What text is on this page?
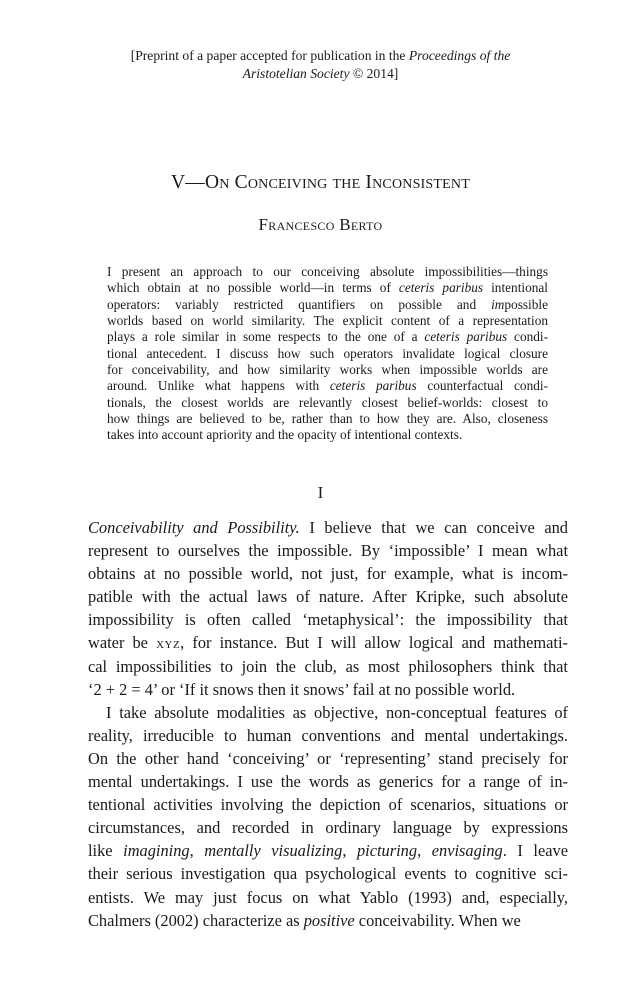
[Preprint of a paper accepted for publication in the Proceedings of the
Aristotelian Society © 2014]
V—On Conceiving the Inconsistent
Francesco Berto
I present an approach to our conceiving absolute impossibilities—things
which obtain at no possible world—in terms of ceteris paribus intentional
operators: variably restricted quantifiers on possible and impossible
worlds based on world similarity. The explicit content of a representation
plays a role similar in some respects to the one of a ceteris paribus condi-
tional antecedent. I discuss how such operators invalidate logical closure
for conceivability, and how similarity works when impossible worlds are
around. Unlike what happens with ceteris paribus counterfactual condi-
tionals, the closest worlds are relevantly closest belief-worlds: closest to
how things are believed to be, rather than to how they are. Also, closeness
takes into account apriority and the opacity of intentional contexts.
I
Conceivability and Possibility. I believe that we can conceive and
represent to ourselves the impossible. By ‘impossible’ I mean what
obtains at no possible world, not just, for example, what is incom-
patible with the actual laws of nature. After Kripke, such absolute
impossibility is often called ‘metaphysical’: the impossibility that
water be xyz, for instance. But I will allow logical and mathemati-
cal impossibilities to join the club, as most philosophers think that
‘2 + 2 = 4’ or ‘If it snows then it snows’ fail at no possible world.
I take absolute modalities as objective, non-conceptual features of
reality, irreducible to human conventions and mental undertakings.
On the other hand ‘conceiving’ or ‘representing’ stand precisely for
mental undertakings. I use the words as generics for a range of in-
tentional activities involving the depiction of scenarios, situations or
circumstances, and recorded in ordinary language by expressions
like imagining, mentally visualizing, picturing, envisaging. I leave
their serious investigation qua psychological events to cognitive sci-
entists. We may just focus on what Yablo (1993) and, especially,
Chalmers (2002) characterize as positive conceivability. When we
